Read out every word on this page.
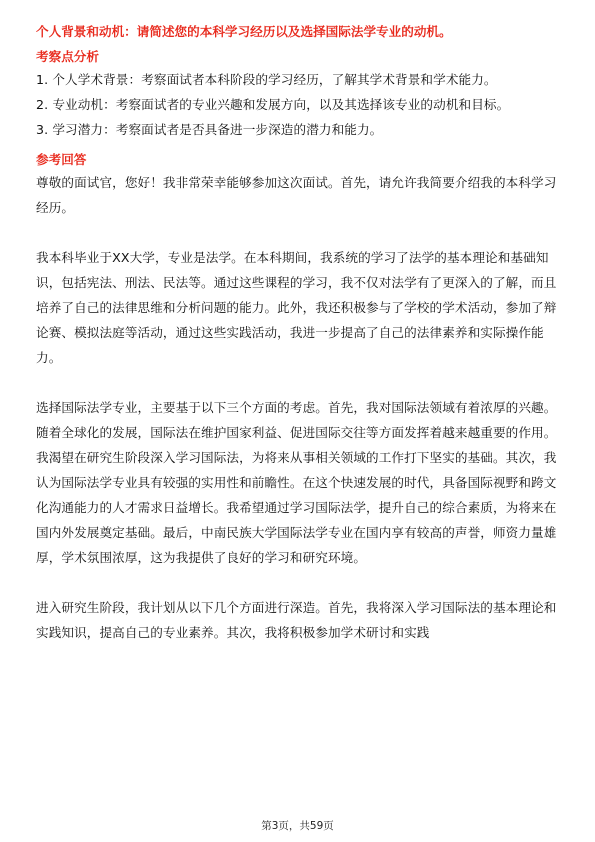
个人背景和动机：请简述您的本科学习经历以及选择国际法学专业的动机。

考察点分析

1. 个人学术背景：考察面试者本科阶段的学习经历，了解其学术背景和学术能力。

2. 专业动机：考察面试者的专业兴趣和发展方向，以及其选择该专业的动机和目标。

3. 学习潜力：考察面试者是否具备进一步深造的潜力和能力。

参考回答

尊敬的面试官，您好！我非常荣幸能够参加这次面试。首先，请允许我简要介绍我的本科学习经历。

我本科毕业于XX大学，专业是法学。在本科期间，我系统的学习了法学的基本理论和基础知识，包括宪法、刑法、民法等。通过这些课程的学习，我不仅对法学有了更深入的了解，而且培养了自己的法律思维和分析问题的能力。此外，我还积极参与了学校的学术活动，参加了辩论赛、模拟法庭等活动，通过这些实践活动，我进一步提高了自己的法律素养和实际操作能力。

选择国际法学专业，主要基于以下三个方面的考虑。首先，我对国际法领域有着浓厚的兴趣。随着全球化的发展，国际法在维护国家利益、促进国际交往等方面发挥着越来越重要的作用。我渴望在研究生阶段深入学习国际法，为将来从事相关领域的工作打下坚实的基础。其次，我认为国际法学专业具有较强的实用性和前瞻性。在这个快速发展的时代，具备国际视野和跨文化沟通能力的人才需求日益增长。我希望通过学习国际法学，提升自己的综合素质，为将来在国内外发展奠定基础。最后，中南民族大学国际法学专业在国内享有较高的声誉，师资力量雄厚，学术氛围浓厚，这为我提供了良好的学习和研究环境。

进入研究生阶段，我计划从以下几个方面进行深造。首先，我将深入学习国际法的基本理论和实践知识，提高自己的专业素养。其次，我将积极参加学术研讨和实践

第3页，共59页
